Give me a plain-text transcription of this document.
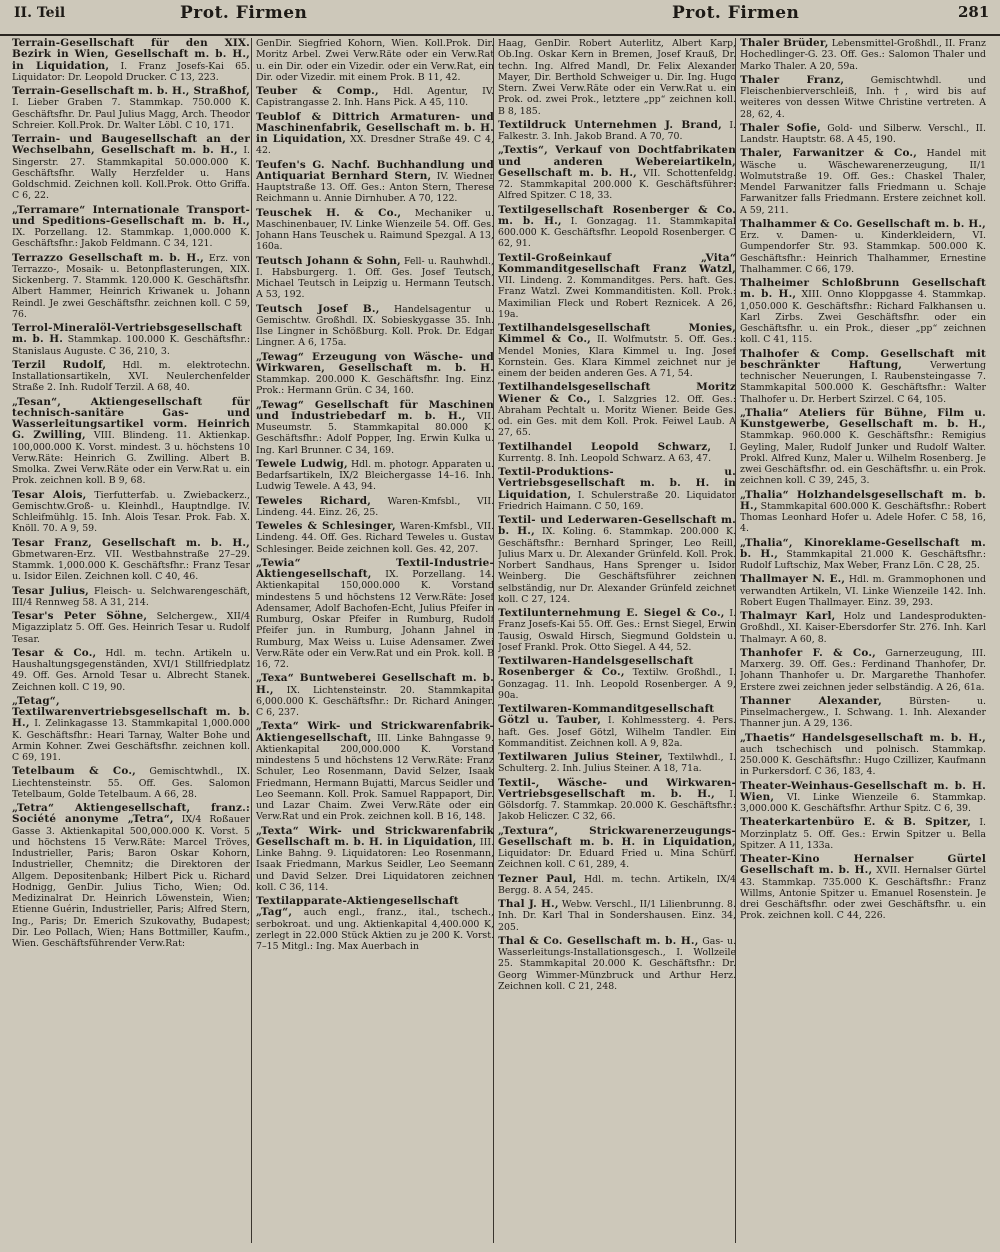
II. Teil	Prot. Firmen	Prot. Firmen	281

Terrain-Gesellschaft für den XIX. Bezirk in Wien, Gesellschaft m. b. H., in Liquidation, I. Franz Josefs-Kai 65. Liquidator: Dr. Leopold Drucker. C 13, 223.

Terrain-Gesellschaft m. b. H., Straßhof, I. Lieber Graben 7. Stammkap. 750.000 K. Geschäftsfhr. Dr. Paul Julius Magg, Arch. Theodor Schreier. Koll.Prok. Dr. Walter Löbl. C 10, 171.

Terrain- und Baugesellschaft an der Wechselbahn, Gesellschaft m. b. H., I. Singerstr. 27. Stammkapital 50.000.000 K. Geschäftsfhr. Wally Herzfelder u. Hans Goldschmid. Zeichnen koll. Koll.Prok. Otto Griffa. C 6, 22.

„Terramare“ Internationale Transport- und Speditions-Gesellschaft m. b. H., IX. Porzellang. 12. Stammkap. 1,000.000 K. Geschäftsfhr.: Jakob Feldmann. C 34, 121.

Terrazzo Gesellschaft m. b. H., Erz. von Terrazzo-, Mosaik- u. Betonpflasterungen, XIX. Sickenberg. 7. Stammk. 120.000 K. Geschäftsfhr. Albert Hammer, Heinrich Kriwanek u. Johann Reindl. Je zwei Geschäftsfhr. zeichnen koll. C 59, 76.

Terrol-Mineralöl-Vertriebsgesellschaft m. b. H. Stammkap. 100.000 K. Geschäftsfhr.: Stanislaus Auguste. C 36, 210, 3.

Terzil Rudolf, Hdl. m. elektrotechn. Installationsartikeln, XVI. Neulerchenfelder Straße 2. Inh. Rudolf Terzil. A 68, 40.

„Tesan“, Aktiengesellschaft für technisch-sanitäre Gas- und Wasserleitungsartikel vorm. Heinrich G. Zwilling, VIII. Blindeng. 11. Aktienkap. 100,000.000 K. Vorst. mindest. 3 u. höchstens 10 Verw.Räte: Heinrich G. Zwilling. Albert B. Smolka. Zwei Verw.Räte oder ein Verw.Rat u. ein Prok. zeichnen koll. B 9, 68.

Tesar Alois, Tierfutterfab. u. Zwiebackerz., Gemischtw.Groß- u. Kleinhdl., Hauptndlge. IV. Schleifmühlg. 15. Inh. Alois Tesar. Prok. Fab. X. Knöll. 70. A 9, 59.

Tesar Franz, Gesellschaft m. b. H., Gbmetwaren-Erz. VII. Westbahnstraße 27–29. Stammk. 1,000.000 K. Geschäftsfhr.: Franz Tesar u. Isidor Eilen. Zeichnen koll. C 40, 46.

Tesar Julius, Fleisch- u. Selchwarengeschäft, III/4 Rennweg 58. A 31, 214.

Tesar's Peter Söhne, Selchergew., XII/4 Migazziplatz 5. Off. Ges. Heinrich Tesar u. Rudolf Tesar.

Tesar & Co., Hdl. m. techn. Artikeln u. Haushaltungsgegenständen, XVI/1 Stillfriedplatz 49. Off. Ges. Arnold Tesar u. Albrecht Stanek. Zeichnen koll. C 19, 90.

„Tetag“, Textilwarenvertriebsgesellschaft m. b. H., I. Zelinkagasse 13. Stammkapital 1,000.000 K. Geschäftsfhr.: Heari Tarnay, Walter Bohe und Armin Kohner. Zwei Geschäftsfhr. zeichnen koll. C 69, 191.

Tetelbaum & Co., Gemischtwhdl., IX. Liechtensteinstr. 55. Off. Ges. Salomon Tetelbaum, Golde Tetelbaum. A 66, 28.

„Tetra“ Aktiengesellschaft, franz.: Société anonyme „Tetra“, IX/4 Roßauer Gasse 3. Aktienkapital 500,000.000 K. Vorst. 5 und höchstens 15 Verw.Räte: Marcel Tröves, Industrieller, Paris; Baron Oskar Kohorn, Industrieller, Chemnitz; die Direktoren der Allgem. Depositenbank; Hilbert Pick u. Richard Hodnigg, GenDir. Julius Ticho, Wien; Od. Medizinalrat Dr. Heinrich Löwenstein, Wien; Etienne Guérin, Industrieller, Paris; Alfred Stern, Ing., Paris; Dr. Emerich Szukovathy, Budapest; Dir. Leo Pollach, Wien; Hans Bottmiller, Kaufm., Wien. Geschäftsführender Verw.Rat:

GenDir. Siegfried Kohorn, Wien. Koll.Prok. Dir. Moritz Arbel. Zwei Verw.Räte oder ein Verw.Rat u. ein Dir. oder ein Vizedir. oder ein Verw.Rat, ein Dir. oder Vizedir. mit einem Prok. B 11, 42.

Teuber & Comp., Hdl. Agentur, IV. Capistrangasse 2. Inh. Hans Pick. A 45, 110.

Teublof & Dittrich Armaturen- und Maschinenfabrik, Gesellschaft m. b. H. in Liquidation, XX. Dresdner Straße 49. C 4, 42.

Teufen's G. Nachf. Buchhandlung und Antiquariat Bernhard Stern, IV. Wiedner Hauptstraße 13. Off. Ges.: Anton Stern, Therese Reichmann u. Annie Dirnhuber. A 70, 122.

Teuschek H. & Co., Mechaniker u. Maschinenbauer, IV. Linke Wienzeile 54. Off. Ges. Johann Hans Teuschek u. Raimund Spezgal. A 13, 160a.

Teutsch Johann & Sohn, Fell- u. Rauhwhdl., I. Habsburgerg. 1. Off. Ges. Josef Teutsch, Michael Teutsch in Leipzig u. Hermann Teutsch. A 53, 192.

Teutsch Josef B., Handelsagentur u. Gemischtw. Großhdl. IX. Sobieskygasse 35. Inh. Ilse Lingner in Schößburg. Koll. Prok. Dr. Edgar Lingner. A 6, 175a.

„Tewag“ Erzeugung von Wäsche- und Wirkwaren, Gesellschaft m. b. H. Stammkap. 200.000 K. Geschäftsfhr. Ing. Einz. Prok.: Hermann Grün. C 34, 160.

„Tewag“ Gesellschaft für Maschinen und Industriebedarf m. b. H., VII. Museumstr. 5. Stammkapital 80.000 K. Geschäftsfhr.: Adolf Popper, Ing. Erwin Kulka u. Ing. Karl Brunner. C 34, 169.

Tewele Ludwig, Hdl. m. photogr. Apparaten u. Bedarfsartikeln, IX/2 Bleichergasse 14–16. Inh. Ludwig Tewele. A 43, 94.

Teweles Richard, Waren-Kmfsbl., VII. Lindeng. 44. Einz. 26, 25.

Teweles & Schlesinger, Waren-Kmfsbl., VII. Lindeng. 44. Off. Ges. Richard Teweles u. Gustav Schlesinger. Beide zeichnen koll. Ges. 42, 207.

„Tewia“ Textil-Industrie-Aktiengesellschaft, IX. Porzellang. 14. Aktienkapital 150,000.000 K. Vorstand mindestens 5 und höchstens 12 Verw.Räte: Josef Adensamer, Adolf Bachofen-Echt, Julius Pfeifer in Rumburg, Oskar Pfeifer in Rumburg, Rudolf Pfeifer jun. in Rumburg, Johann Jahnel in Rumburg, Max Weiss u. Luise Adensamer. Zwei Verw.Räte oder ein Verw.Rat und ein Prok. koll. B 16, 72.

„Texa“ Buntweberei Gesellschaft m. b. H., IX. Lichtensteinstr. 20. Stammkapital 6,000.000 K. Geschäftsfhr.: Dr. Richard Aninger. C 6, 237.

„Texta“ Wirk- und Strickwarenfabrik-Aktiengesellschaft, III. Linke Bahngasse 9. Aktienkapital 200,000.000 K. Vorstand mindestens 5 und höchstens 12 Verw.Räte: Franz Schuler, Leo Rosenmann, David Selzer, Isaak Friedmann, Hermann Bujatti, Marcus Seidler und Leo Seemann. Koll. Prok. Samuel Rappaport, Dir. und Lazar Chaim. Zwei Verw.Räte oder ein Verw.Rat und ein Prok. zeichnen koll. B 16, 148.

„Texta“ Wirk- und Strickwarenfabrik Gesellschaft m. b. H. in Liquidation, III. Linke Bahng. 9. Liquidatoren: Leo Rosenmann, Isaak Friedmann, Markus Seidler, Leo Seemann und David Selzer. Drei Liquidatoren zeichnen koll. C 36, 114.

Textilapparate-Aktiengesellschaft „Tag“, auch engl., franz., ital., tschech., serbokroat. und ung. Aktienkapital 4,400.000 K, zerlegt in 22.000 Stück Aktien zu je 200 K. Vorst. 7–15 Mitgl.: Ing. Max Auerbach in

Haag, GenDir. Robert Auterlitz, Albert Karp, Ob.Ing. Oskar Kern in Bremen, Josef Krauß, Dr. techn. Ing. Alfred Mandl, Dr. Felix Alexander Mayer, Dir. Berthold Schweiger u. Dir. Ing. Hugo Stern. Zwei Verw.Räte oder ein Verw.Rat u. ein Prok. od. zwei Prok., letztere „pp“ zeichnen koll. B 8, 185.

Textildruck Unternehmen J. Brand, I. Falkestr. 3. Inh. Jakob Brand. A 70, 70.

„Textis“, Verkauf von Dochtfabrikaten und anderen Webereiartikeln, Gesellschaft m. b. H., VII. Schottenfeldg. 72. Stammkapital 200.000 K. Geschäftsführer: Alfred Spitzer. C 18, 33.

Textilgesellschaft Rosenberger & Co. m. b. H., I. Gonzagag. 11. Stammkapital 600.000 K. Geschäftsfhr. Leopold Rosenberger. C 62, 91.

Textil-Großeinkauf „Vita“ Kommanditgesellschaft Franz Watzl, VII. Lindeng. 2. Kommanditges. Pers. haft. Ges. Franz Watzl. Zwei Kommanditisten. Koll. Prok.: Maximilian Fleck und Robert Reznicek. A 26, 19a.

Textilhandelsgesellschaft Monies, Kimmel & Co., II. Wolfmutstr. 5. Off. Ges.: Mendel Monies, Klara Kimmel u. Ing. Josef Kornstein. Ges. Klara Kimmel zeichnet nur je einem der beiden anderen Ges. A 71, 54.

Textilhandelsgesellschaft Moritz Wiener & Co., I. Salzgries 12. Off. Ges.: Abraham Pechtalt u. Moritz Wiener. Beide Ges. od. ein Ges. mit dem Koll. Prok. Feiwel Laub. A 27, 65.

Textilhandel Leopold Schwarz, I. Kurrentg. 8. Inh. Leopold Schwarz. A 63, 47.

Textil-Produktions- u. Vertriebsgesellschaft m. b. H. in Liquidation, I. Schulerstraße 20. Liquidator Friedrich Haimann. C 50, 169.

Textil- und Lederwaren-Gesellschaft m. b. H., IX. Koling. 6. Stammkap. 200.000 K. Geschäftsfhr.: Bernhard Springer, Leo Reill, Julius Marx u. Dr. Alexander Grünfeld. Koll. Prok. Norbert Sandhaus, Hans Sprenger u. Isidor Weinberg. Die Geschäftsführer zeichnen selbständig, nur Dr. Alexander Grünfeld zeichnet koll. C 27, 124.

Textilunternehmung E. Siegel & Co., I. Franz Josefs-Kai 55. Off. Ges.: Ernst Siegel, Erwin Tausig, Oswald Hirsch, Siegmund Goldstein u. Josef Frankl. Prok. Otto Siegel. A 44, 52.

Textilwaren-Handelsgesellschaft Rosenberger & Co., Textilw. Großhdl., I. Gonzagag. 11. Inh. Leopold Rosenberger. A 9, 90a.

Textilwaren-Kommanditgesellschaft Götzl u. Tauber, I. Kohlmessterg. 4. Pers. haft. Ges. Josef Götzl, Wilhelm Tandler. Ein Kommanditist. Zeichnen koll. A 9, 82a.

Textilwaren Julius Steiner, Textilwhdl., I. Schulterg. 2. Inh. Julius Steiner. A 18, 71a.

Textil-, Wäsche- und Wirkwaren-Vertriebsgesellschaft m. b. H., I. Gölsdorfg. 7. Stammkap. 20.000 K. Geschäftsfhr.: Jakob Heliczer. C 32, 66.

„Textura“, Strickwarenerzeugungs-Gesellschaft m. b. H. in Liquidation, Liquidator: Dr. Eduard Fried u. Mina Schürf. Zeichnen koll. C 61, 289, 4.

Tezner Paul, Hdl. m. techn. Artikeln, IX/4 Bergg. 8. A 54, 245.

Thal J. H., Webw. Verschl., II/1 Lilienbrunng. 8. Inh. Dr. Karl Thal in Sondershausen. Einz. 34, 205.

Thal & Co. Gesellschaft m. b. H., Gas- u. Wasserleitungs-Installationsgesch., I. Wollzeile 25. Stammkapital 20.000 K. Geschäftsfhr.: Dr. Georg Wimmer-Münzbruck und Arthur Herz. Zeichnen koll. C 21, 248.

Thaler Brüder, Lebensmittel-Großhdl., II. Franz Hochedlinger-G. 23. Off. Ges.: Salomon Thaler und Marko Thaler. A 20, 59a.

Thaler Franz,	Gemischtwhdl. und Fleischenbierverschleiß, Inh. †, wird bis auf weiteres von dessen Witwe Christine vertreten. A 28, 62, 4.

Thaler Sofie, Gold- und Silberw. Verschl., II. Landstr. Hauptstr. 68. A 45, 190.

Thaler, Farwanitzer & Co., Handel mit Wäsche u. Wäschewarenerzeugung, II/1 Wolmutstraße 19. Off. Ges.: Chaskel Thaler, Mendel Farwanitzer falls Friedmann u. Schaje Farwanitzer falls Friedmann. Erstere zeichnet koll. A 59, 211.

Thalhammer & Co. Gesellschaft m. b. H., Erz. v. Damen- u. Kinderkleidern, VI. Gumpendorfer Str. 93. Stammkap. 500.000 K. Geschäftsfhr.: Heinrich Thalhammer, Ernestine Thalhammer. C 66, 179.

Thalheimer Schloßbrunn Gesellschaft m. b. H., XIII. Onno Kloppgasse 4. Stammkap. 1,050.000 K. Geschäftsfhr.: Richard Falkhansen u. Karl Zirbs. Zwei Geschäftsfhr. oder ein Geschäftsfhr. u. ein Prok., dieser „pp“ zeichnen koll. C 41, 115.

Thalhofer & Comp. Gesellschaft mit beschränkter Haftung,	Verwertung technischer Neuerungen, I. Raubensteingasse 7. Stammkapital 500.000 K. Geschäftsfhr.: Walter Thalhofer u. Dr. Herbert Szirzel. C 64, 105.

„Thalia“ Ateliers für Bühne, Film u. Kunstgewerbe, Gesellschaft m. b. H., Stammkap. 960.000 K. Geschäftsfhr.: Remigius Geyling, Maler, Rudolf Junker und Rudolf Walter. Prokl. Alfred Kunz, Maler u. Wilhelm Rosenberg. Je zwei Geschäftsfhr. od. ein Geschäftsfhr. u. ein Prok. zeichnen koll. C 39, 245, 3.

„Thalia“ Holzhandelsgesellschaft m. b. H., Stammkapital 600.000 K. Geschäftsfhr.: Robert Thomas Leonhard Hofer u. Adele Hofer. C 58, 16, 4.

„Thalia“, Kinoreklame-Gesellschaft m. b. H., Stammkapital 21.000 K. Geschäftsfhr.: Rudolf Luftschiz, Max Weber, Franz Lön. C 28, 25.

Thallmayer N. E., Hdl. m. Grammophonen und verwandten Artikeln, VI. Linke Wienzeile 142. Inh. Robert Eugen Thallmayer. Einz. 39, 293.

Thalmayr Karl, Holz und Landesprodukten-Großhdl., XI. Kaiser-Ebersdorfer Str. 276. Inh. Karl Thalmayr. A 60, 8.

Thanhofer F. & Co., Garnerzeugung, III. Marxerg. 39. Off. Ges.: Ferdinand Thanhofer, Dr. Johann Thanhofer u. Dr. Margarethe Thanhofer. Erstere zwei zeichnen jeder selbständig. A 26, 61a.

Thanner Alexander,	Bürsten- u. Pinselmachergew., I. Schwang. 1. Inh. Alexander Thanner jun. A 29, 136.

„Thaetis“ Handelsgesellschaft m. b. H., auch tschechisch und polnisch. Stammkap. 250.000 K. Geschäftsfhr.: Hugo Czillizer, Kaufmann in Purkersdorf. C 36, 183, 4.

Theater-Weinhaus-Gesellschaft m. b. H. Wien, VI. Linke Wienzeile 6. Stammkap. 3,000.000 K. Geschäftsfhr. Arthur Spitz. C 6, 39.

Theaterkartenbüro E. & B. Spitzer, I. Morzinplatz 5. Off. Ges.: Erwin Spitzer u. Bella Spitzer. A 11, 133a.

Theater-Kino Hernalser Gürtel Gesellschaft m. b. H., XVII. Hernalser Gürtel 43. Stammkap. 735.000 K. Geschäftsfhr.: Franz Willms, Antonie Spitzer u. Emanuel Rosenstein. Je drei Geschäftsfhr. oder zwei Geschäftsfhr. u. ein Prok. zeichnen koll. C 44, 226.
